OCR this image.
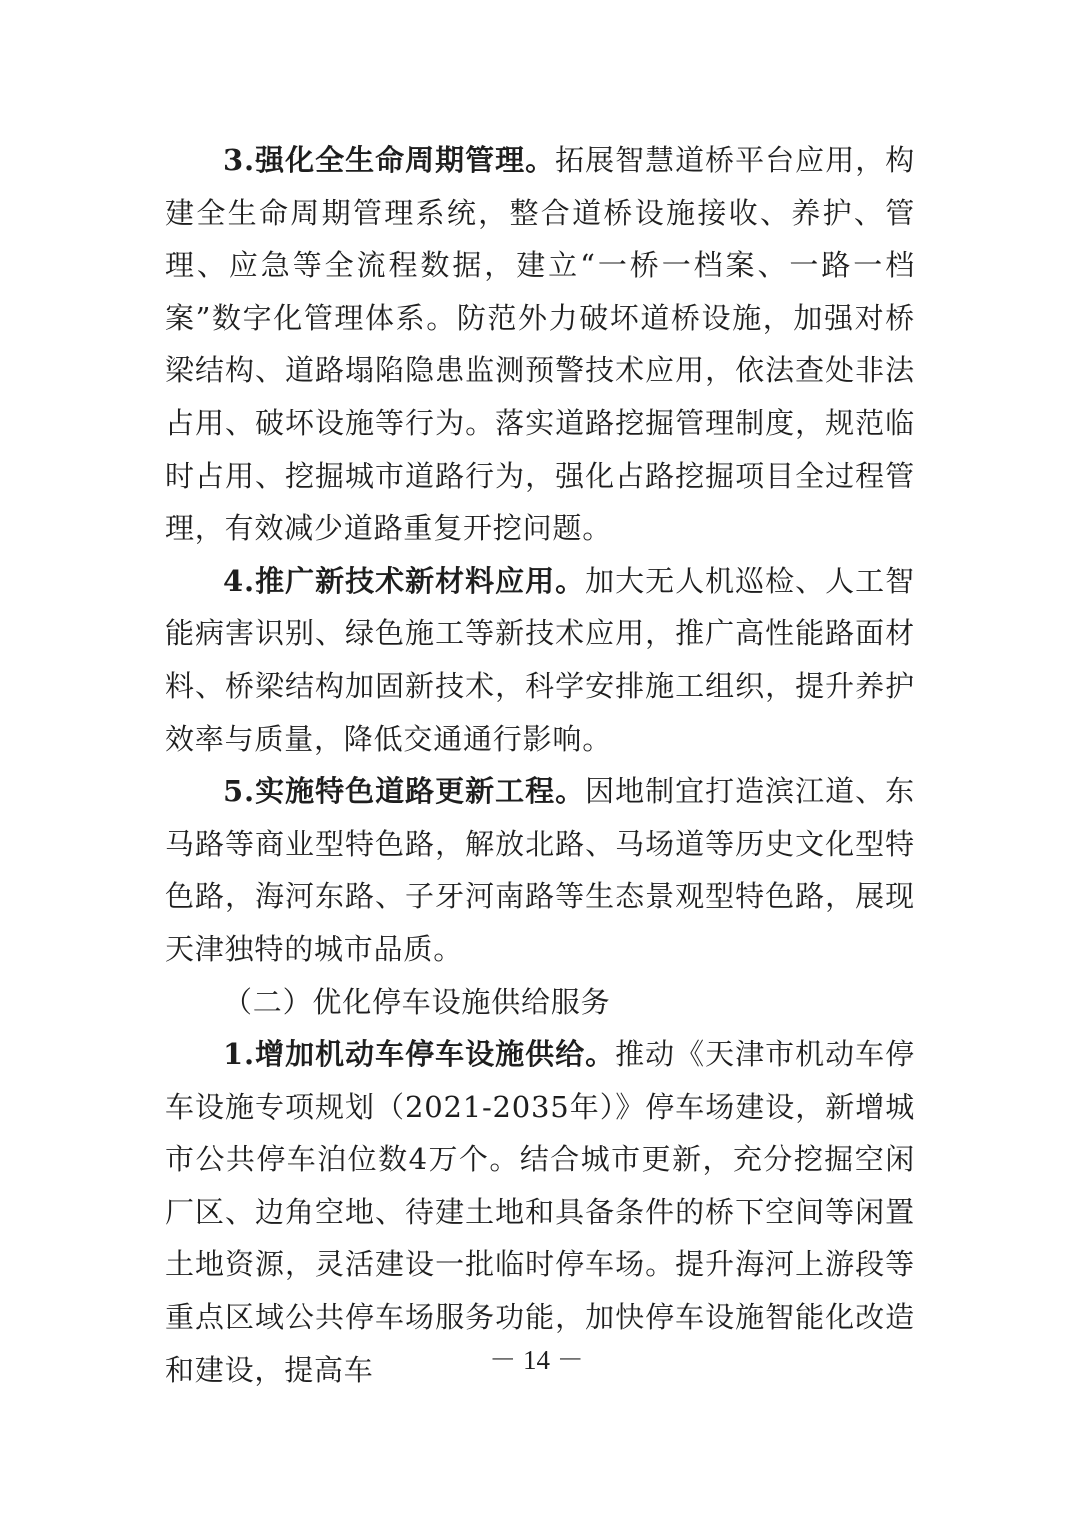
3.强化全生命周期管理。拓展智慧道桥平台应用，构建全生命周期管理系统，整合道桥设施接收、养护、管理、应急等全流程数据，建立“一桥一档案、一路一档案”数字化管理体系。防范外力破坏道桥设施，加强对桥梁结构、道路塌陷隐患监测预警技术应用，依法查处非法占用、破坏设施等行为。落实道路挖掘管理制度，规范临时占用、挖掘城市道路行为，强化占路挖掘项目全过程管理，有效减少道路重复开挖问题。

4.推广新技术新材料应用。加大无人机巡检、人工智能病害识别、绿色施工等新技术应用，推广高性能路面材料、桥梁结构加固新技术，科学安排施工组织，提升养护效率与质量，降低交通通行影响。

5.实施特色道路更新工程。因地制宜打造滨江道、东马路等商业型特色路，解放北路、马场道等历史文化型特色路，海河东路、子牙河南路等生态景观型特色路，展现天津独特的城市品质。

（二）优化停车设施供给服务

1.增加机动车停车设施供给。推动《天津市机动车停车设施专项规划（2021-2035年）》停车场建设，新增城市公共停车泊位数4万个。结合城市更新，充分挖掘空闲厂区、边角空地、待建土地和具备条件的桥下空间等闲置土地资源，灵活建设一批临时停车场。提升海河上游段等重点区域公共停车场服务功能，加快停车设施智能化改造和建设，提高车	－ 14 －
